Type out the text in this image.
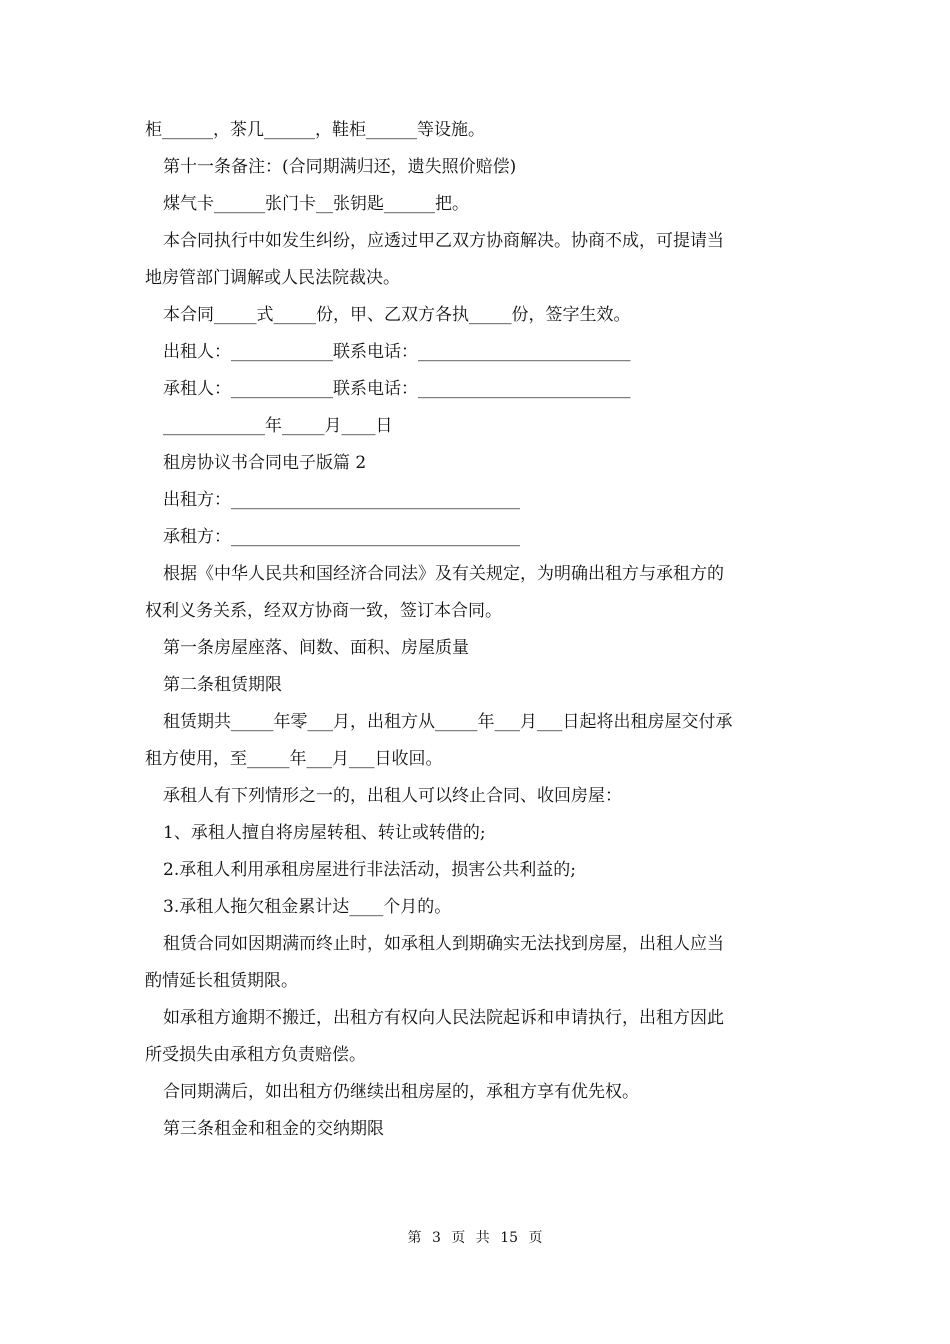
柜______，茶几______，鞋柜______等设施。
第十一条备注：(合同期满归还，遗失照价赔偿)
煤气卡______张门卡__张钥匙______把。
本合同执行中如发生纠纷，应透过甲乙双方协商解决。协商不成，可提请当
地房管部门调解或人民法院裁决。
本合同_____式_____份，甲、乙双方各执_____份，签字生效。
出租人：____________联系电话：_________________________
承租人：____________联系电话：_________________________
____________年_____月____日
租房协议书合同电子版篇 2
出租方：__________________________________
承租方：__________________________________
根据《中华人民共和国经济合同法》及有关规定，为明确出租方与承租方的
权利义务关系，经双方协商一致，签订本合同。
第一条房屋座落、间数、面积、房屋质量
第二条租赁期限
租赁期共_____年零___月，出租方从_____年___月___日起将出租房屋交付承
租方使用，至_____年___月___日收回。
承租人有下列情形之一的，出租人可以终止合同、收回房屋：
1、承租人擅自将房屋转租、转让或转借的;
2.承租人利用承租房屋进行非法活动，损害公共利益的;
3.承租人拖欠租金累计达____个月的。
租赁合同如因期满而终止时，如承租人到期确实无法找到房屋，出租人应当
酌情延长租赁期限。
如承租方逾期不搬迁，出租方有权向人民法院起诉和申请执行，出租方因此
所受损失由承租方负责赔偿。
合同期满后，如出租方仍继续出租房屋的，承租方享有优先权。
第三条租金和租金的交纳期限
第 3 页 共 15 页
